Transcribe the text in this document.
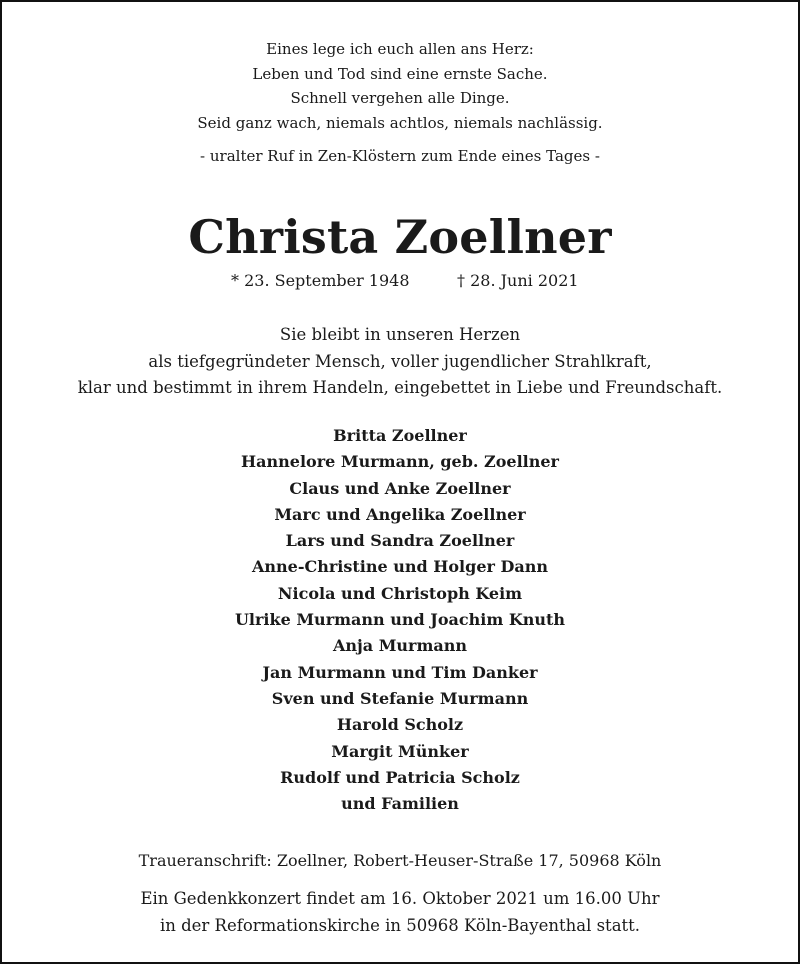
Eines lege ich euch allen ans Herz:
Leben und Tod sind eine ernste Sache.
Schnell vergehen alle Dinge.
Seid ganz wach, niemals achtlos, niemals nachlässig.
- uralter Ruf in Zen-Klöstern zum Ende eines Tages -
Christa Zoellner
* 23. September 1948	† 28. Juni 2021
Sie bleibt in unseren Herzen
als tiefgegründeter Mensch, voller jugendlicher Strahlkraft,
klar und bestimmt in ihrem Handeln, eingebettet in Liebe und Freundschaft.
Britta Zoellner
Hannelore Murmann, geb. Zoellner
Claus und Anke Zoellner
Marc und Angelika Zoellner
Lars und Sandra Zoellner
Anne-Christine und Holger Dann
Nicola und Christoph Keim
Ulrike Murmann und Joachim Knuth
Anja Murmann
Jan Murmann und Tim Danker
Sven und Stefanie Murmann
Harold Scholz
Margit Münker
Rudolf und Patricia Scholz
und Familien
Traueranschrift: Zoellner, Robert-Heuser-Straße 17, 50968 Köln
Ein Gedenkkonzert findet am 16. Oktober 2021 um 16.00 Uhr
in der Reformationskirche in 50968 Köln-Bayenthal statt.
